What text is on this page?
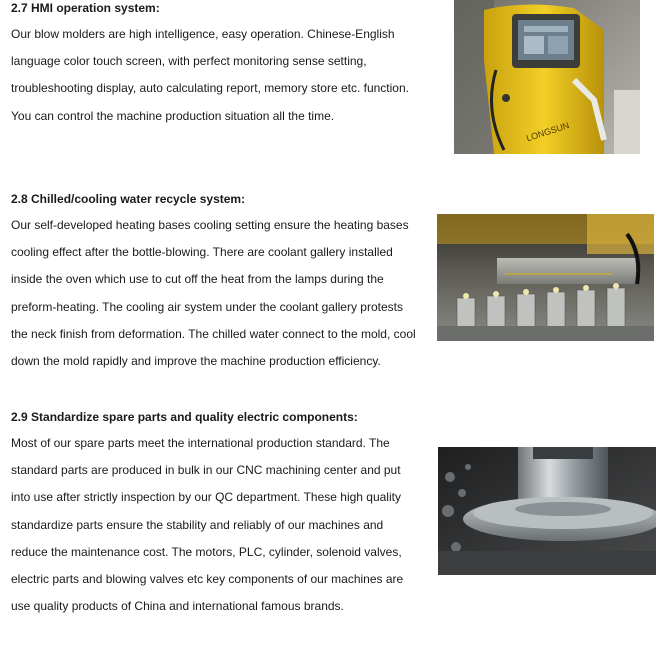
2.7 HMI operation system:

Our blow molders are high intelligence, easy operation. Chinese-English

language color touch screen, with perfect monitoring sense setting,

troubleshooting display, auto calculating report, memory store etc. function.

You can control the machine production situation all the time.

LONGSUN

2.8 Chilled/cooling water recycle system:

Our self-developed heating bases cooling setting ensure the heating bases

cooling effect after the bottle-blowing. There are coolant gallery installed

inside the oven which use to cut off the heat from the lamps during the

preform-heating. The cooling air system under the coolant gallery protests

the neck finish from deformation. The chilled water connect to the mold, cool

down the mold rapidly and improve the machine production efficiency.

2.9 Standardize spare parts and quality electric components:

Most of our spare parts meet the international production standard. The

standard parts are produced in bulk in our CNC machining center and put

into use after strictly inspection by our QC department. These high quality

standardize parts ensure the stability and reliably of our machines and

reduce the maintenance cost. The motors, PLC, cylinder, solenoid valves,

electric parts and blowing valves etc key components of our machines are

use quality products of China and international famous brands.
